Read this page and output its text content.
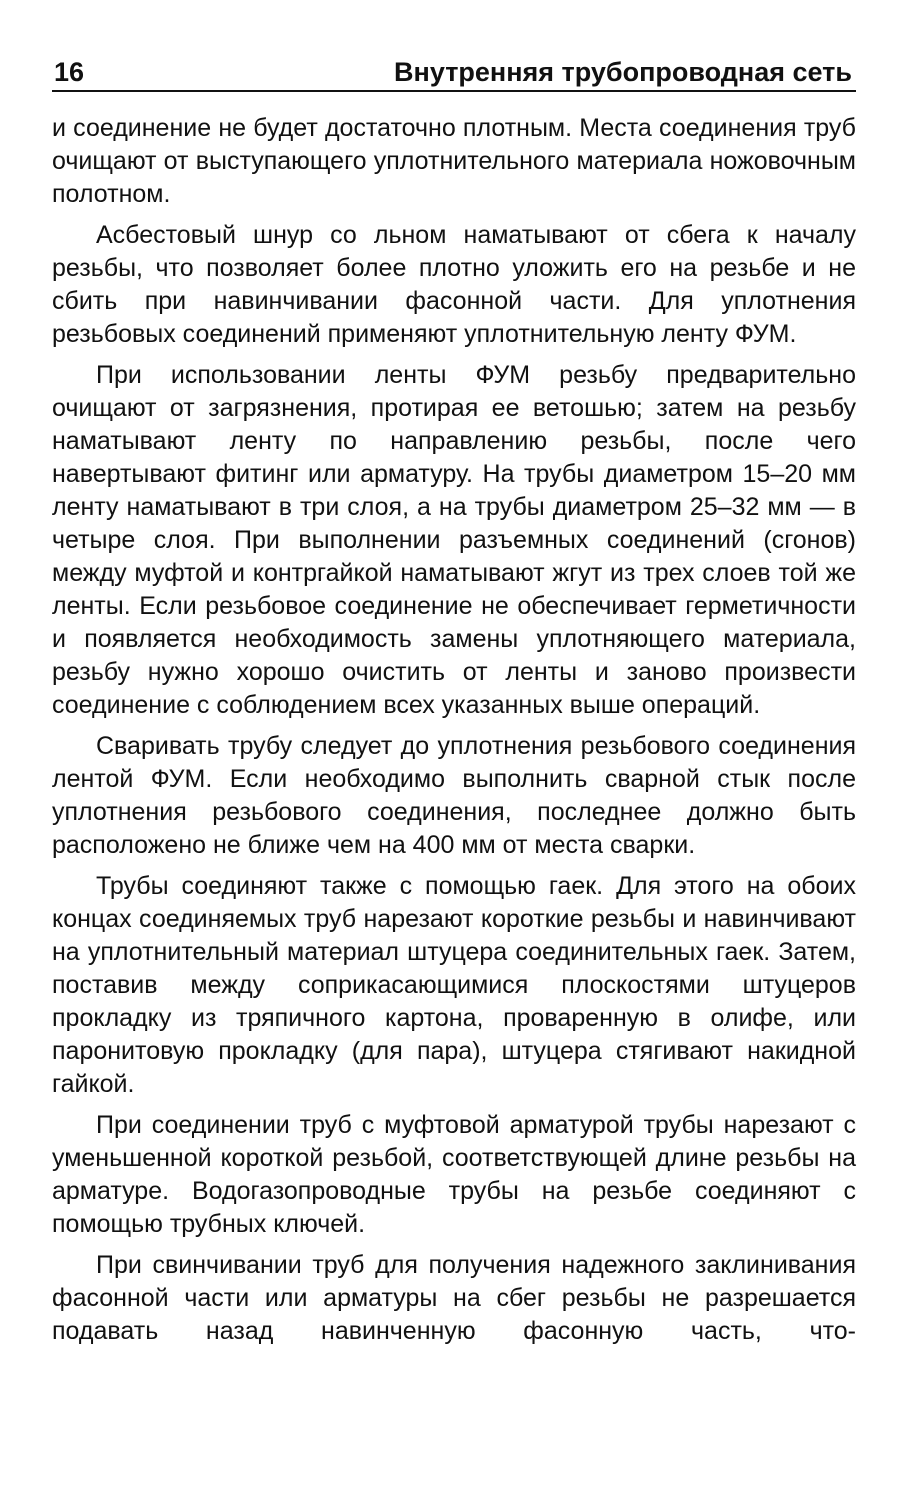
16	Внутренняя трубопроводная сеть

и соединение не будет достаточно плотным. Места соединения труб очищают от выступающего уплотнительного материала ножовочным полотном.

Асбестовый шнур со льном наматывают от сбега к началу резьбы, что позволяет более плотно уложить его на резьбе и не сбить при навинчивании фасонной части. Для уплотнения резьбовых соединений применяют уплотнительную ленту ФУМ.

При использовании ленты ФУМ резьбу предварительно очищают от загрязнения, протирая ее ветошью; затем на резьбу наматывают ленту по направлению резьбы, после чего навертывают фитинг или арматуру. На трубы диаметром 15–20 мм ленту наматывают в три слоя, а на трубы диаметром 25–32 мм — в четыре слоя. При выполнении разъемных соединений (сгонов) между муфтой и контргайкой наматывают жгут из трех слоев той же ленты. Если резьбовое соединение не обеспечивает герметичности и появляется необходимость замены уплотняющего материала, резьбу нужно хорошо очистить от ленты и заново произвести соединение с соблюдением всех указанных выше операций.

Сваривать трубу следует до уплотнения резьбового соединения лентой ФУМ. Если необходимо выполнить сварной стык после уплотнения резьбового соединения, последнее должно быть расположено не ближе чем на 400 мм от места сварки.

Трубы соединяют также с помощью гаек. Для этого на обоих концах соединяемых труб нарезают короткие резьбы и навинчивают на уплотнительный материал штуцера соединительных гаек. Затем, поставив между соприкасающимися плоскостями штуцеров прокладку из тряпичного картона, проваренную в олифе, или паронитовую прокладку (для пара), штуцера стягивают накидной гайкой.

При соединении труб с муфтовой арматурой трубы нарезают с уменьшенной короткой резьбой, соответствующей длине резьбы на арматуре. Водогазопроводные трубы на резьбе соединяют с помощью трубных ключей.

При свинчивании труб для получения надежного заклинивания фасонной части или арматуры на сбег резьбы не разрешается подавать назад навинченную фасонную часть, что-
